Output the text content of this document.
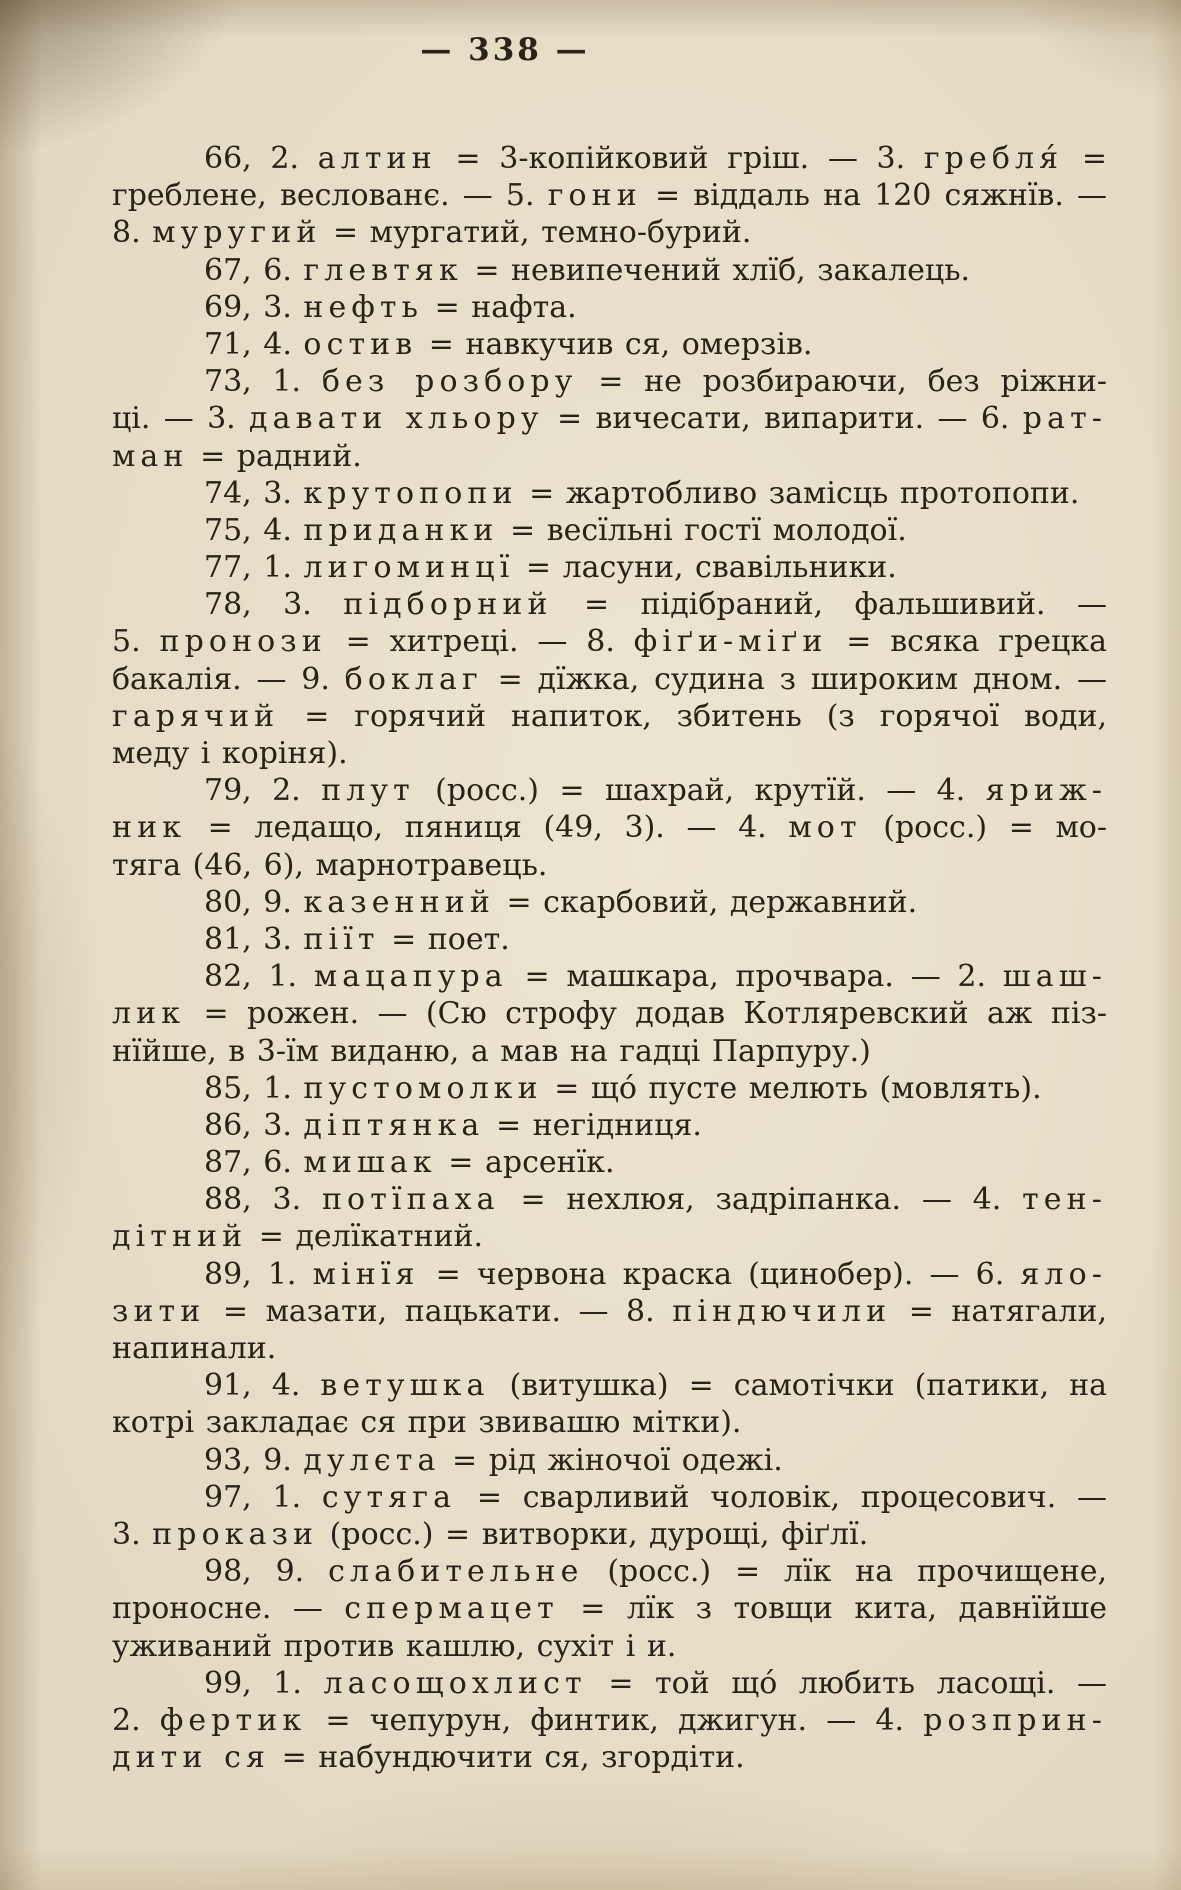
— 338 —
66, 2. алтин = 3-копійковий гріш. — 3. гребля́ =
греблене, веслованє. — 5. гони = віддаль на 120 сяжнїв. —
8. муругий = мургатий, темно-бурий.
67, 6. глевтяк = невипечений хлїб, закалець.
69, 3. нефть = нафта.
71, 4. остив = навкучив ся, омерзів.
73, 1. без розбору = не розбираючи, без ріжни-
ці. — 3. давати хльору = вичесати, випарити. — 6. рат-
ман = радний.
74, 3. крутопопи = жартобливо замісць протопопи.
75, 4. приданки = весїльні гостї молодої.
77, 1. лигоминцї = ласуни, свавільники.
78, 3. підборний = підібраний, фальшивий. —
5. пронози = хитреці. — 8. фіґи-міґи = всяка грецка
бакалія. — 9. боклаг = дїжка, судина з широким дном. —
гарячий = горячий напиток, збитень (з горячої води,
меду і коріня).
79, 2. плут (росс.) = шахрай, крутїй. — 4. яриж-
ник = ледащо, пяниця (49, 3). — 4. мот (росс.) = мо-
тяга (46, 6), марнотравець.
80, 9. казенний = скарбовий, державний.
81, 3. піїт = поет.
82, 1. мацапура = машкара, прочвара. — 2. шаш-
лик = рожен. — (Сю строфу додав Котляревский аж піз-
нїйше, в 3-їм виданю, а мав на гадці Парпуру.)
85, 1. пустомолки = щó пусте мелють (мовлять).
86, 3. діптянка = негідниця.
87, 6. мишак = арсенїк.
88, 3. потїпаха = нехлюя, задріпанка. — 4. тен-
дітний = делїкатний.
89, 1. мінїя = червона краска (цинобер). — 6. яло-
зити = мазати, пацькати. — 8. піндючили = натягали,
напинали.
91, 4. ветушка (витушка) = самотічки (патики, на
котрі закладає ся при звивашю мітки).
93, 9. дулєта = рід жіночої одежі.
97, 1. сутяга = сварливий чоловік, процесович. —
3. прокази (росс.) = витворки, дурощі, фіґлї.
98, 9. слабительне (росс.) = лїк на прочищене,
проносне. — спермацет = лїк з товщи кита, давнїйше
уживаний против кашлю, сухіт і и.
99, 1. ласощохлист = той щó любить ласощі. —
2. фертик = чепурун, финтик, джигун. — 4. розприн-
дити ся = набундючити ся, згордіти.
